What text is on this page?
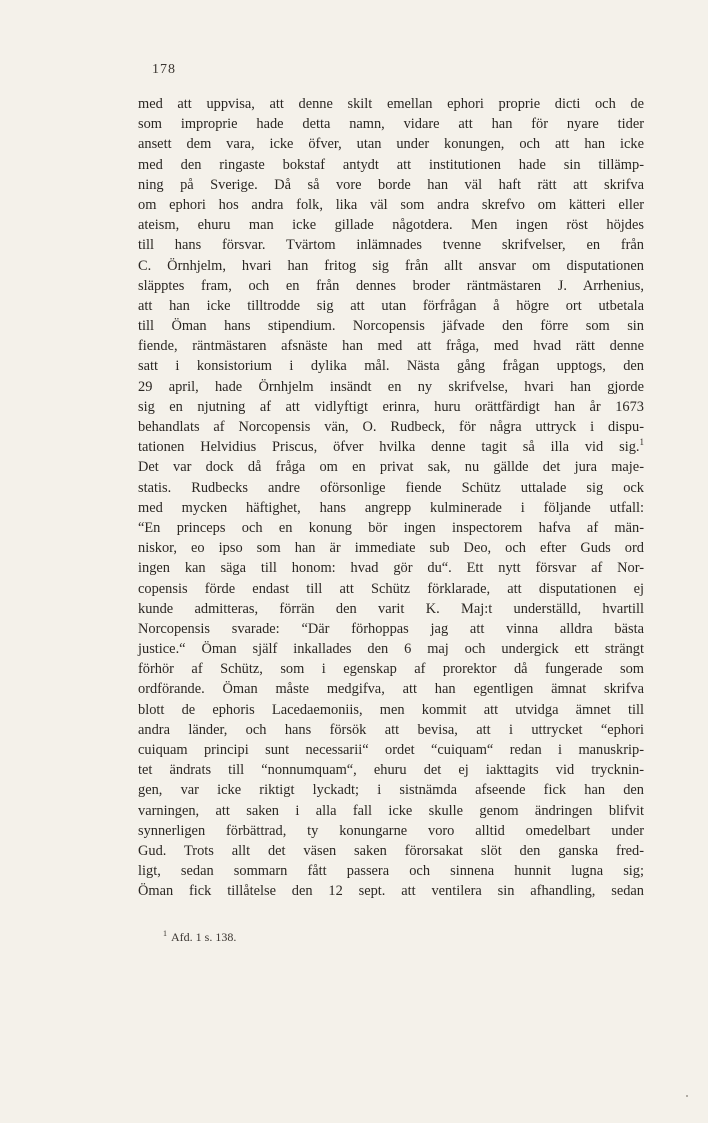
178
med att uppvisa, att denne skilt emellan ephori proprie dicti och de
som improprie hade detta namn, vidare att han för nyare tider
ansett dem vara, icke öfver, utan under konungen, och att han icke
med den ringaste bokstaf antydt att institutionen hade sin tillämp-
ning på Sverige. Då så vore borde han väl haft rätt att skrifva
om ephori hos andra folk, lika väl som andra skrefvo om kätteri eller
ateism, ehuru man icke gillade någotdera. Men ingen röst höjdes
till hans försvar. Tvärtom inlämnades tvenne skrifvelser, en från
C. Örnhjelm, hvari han fritog sig från allt ansvar om disputationen
släpptes fram, och en från dennes broder räntmästaren J. Arrhenius,
att han icke tilltrodde sig att utan förfrågan å högre ort utbetala
till Öman hans stipendium. Norcopensis jäfvade den förre som sin
fiende, räntmästaren afsnäste han med att fråga, med hvad rätt denne
satt i konsistorium i dylika mål. Nästa gång frågan upptogs, den
29 april, hade Örnhjelm insändt en ny skrifvelse, hvari han gjorde
sig en njutning af att vidlyftigt erinra, huru orättfärdigt han år 1673
behandlats af Norcopensis vän, O. Rudbeck, för några uttryck i dispu-
tationen Helvidius Priscus, öfver hvilka denne tagit så illa vid sig.$^1$
Det var dock då fråga om en privat sak, nu gällde det jura maje-
statis. Rudbecks andre oförsonlige fiende Schütz uttalade sig ock
med mycken häftighet, hans angrepp kulminerade i följande utfall:
“En princeps och en konung bör ingen inspectorem hafva af män-
niskor, eo ipso som han är immediate sub Deo, och efter Guds ord
ingen kan säga till honom: hvad gör du“. Ett nytt försvar af Nor-
copensis förde endast till att Schütz förklarade, att disputationen ej
kunde admitteras, förrän den varit K. Maj:t underställd, hvartill
Norcopensis svarade: “Där förhoppas jag att vinna alldra bästa
justice.“ Öman själf inkallades den 6 maj och undergick ett strängt
förhör af Schütz, som i egenskap af prorektor då fungerade som
ordförande. Öman måste medgifva, att han egentligen ämnat skrifva
blott de ephoris Lacedaemoniis, men kommit att utvidga ämnet till
andra länder, och hans försök att bevisa, att i uttrycket “ephori
cuiquam principi sunt necessarii“ ordet “cuiquam“ redan i manuskrip-
tet ändrats till “nonnumquam“, ehuru det ej iakttagits vid trycknin-
gen, var icke riktigt lyckadt; i sistnämda afseende fick han den
varningen, att saken i alla fall icke skulle genom ändringen blifvit
synnerligen förbättrad, ty konungarne voro alltid omedelbart under
Gud. Trots allt det väsen saken förorsakat slöt den ganska fred-
ligt, sedan sommarn fått passera och sinnena hunnit lugna sig;
Öman fick tillåtelse den 12 sept. att ventilera sin afhandling, sedan
$^1$ Afd. 1 s. 138.
